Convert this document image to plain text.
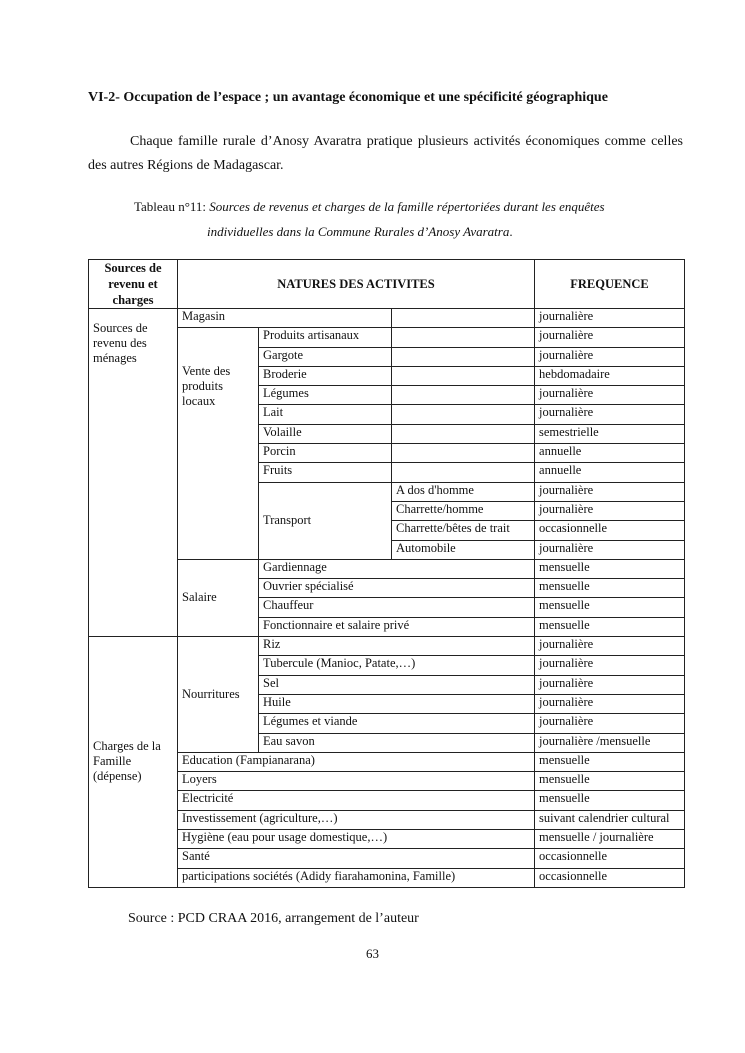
VI-2- Occupation de l’espace ; un avantage économique et une spécificité géographique

Chaque famille rurale d’Anosy Avaratra pratique plusieurs activités économiques comme celles des autres Régions de Madagascar.

Tableau n°11: Sources de revenus et charges de la famille répertoriées durant les enquêtes
individuelles dans la Commune Rurales d’Anosy Avaratra.

Sources de revenu et charges	NATURES DES ACTIVITES			FREQUENCE
Sources de revenu des ménages	Magasin			journalière
	Vente des produits locaux	Produits artisanaux		journalière
		Gargote		journalière
		Broderie		hebdomadaire
		Légumes		journalière
		Lait		journalière
		Volaille		semestrielle
		Porcin		annuelle
		Fruits		annuelle
		Transport	A dos d'homme	journalière
			Charrette/homme	journalière
			Charrette/bêtes de trait	occasionnelle
			Automobile	journalière
	Salaire	Gardiennage		mensuelle
		Ouvrier spécialisé		mensuelle
		Chauffeur		mensuelle
		Fonctionnaire et salaire privé		mensuelle
Charges de la Famille (dépense)	Nourritures	Riz		journalière
		Tubercule (Manioc, Patate,…)		journalière
		Sel		journalière
		Huile		journalière
		Légumes et viande		journalière
		Eau savon		journalière /mensuelle
	Education (Fampianarana)			mensuelle
	Loyers			mensuelle
	Electricité			mensuelle
	Investissement (agriculture,…)			suivant calendrier cultural
	Hygiène (eau pour usage domestique,…)			mensuelle / journalière
	Santé			occasionnelle
	participations sociétés (Adidy fiarahamonina, Famille)			occasionnelle

Source : PCD CRAA 2016, arrangement de l’auteur

63
